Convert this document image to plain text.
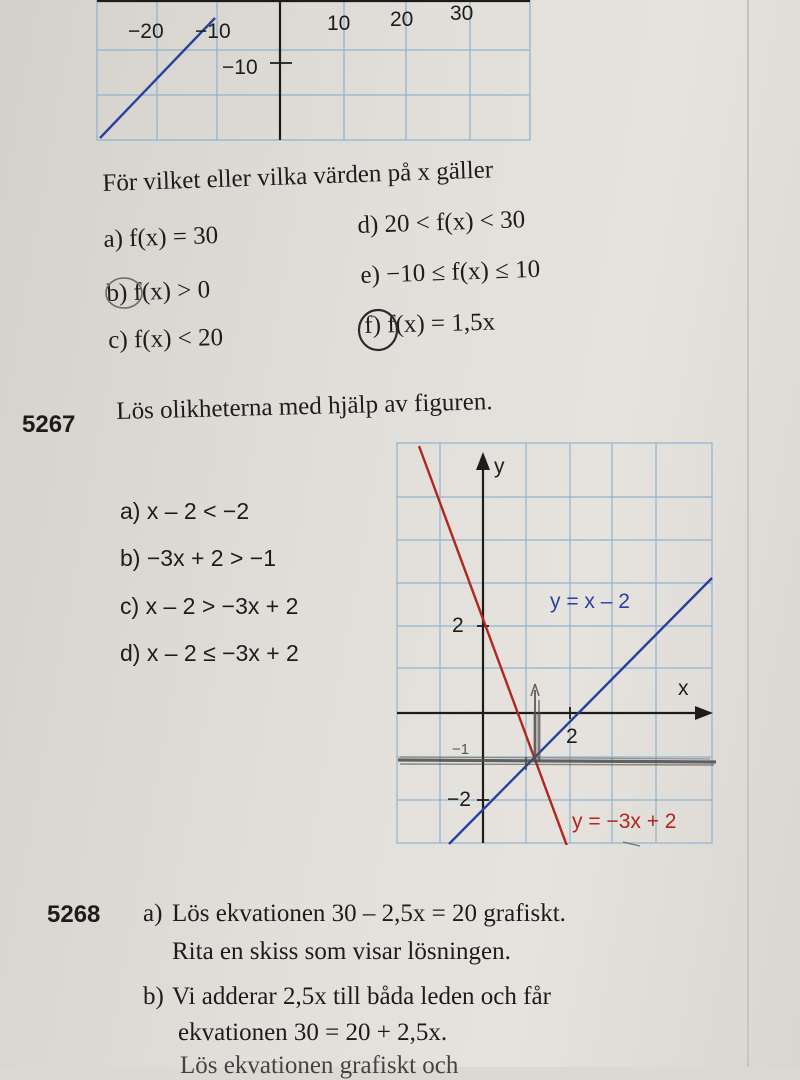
−20 −10	10 20 30
−10
För vilket eller vilka värden på x gäller
a) f(x) = 30
b) f(x) > 0
c) f(x) < 20
d) 20 < f(x) < 30
e) −10 ≤ f(x) ≤ 10
f) f(x) = 1,5x
5267 Lös olikheterna med hjälp av figuren.
a) x – 2 < −2
b) −3x + 2 > −1
c) x – 2 > −3x + 2
d) x – 2 ≤ −3x + 2
y
x
2
−2
2
−1
y = x – 2
y = −3x + 2
5268 a) Lös ekvationen 30 – 2,5x = 20 grafiskt.
Rita en skiss som visar lösningen.
b) Vi adderar 2,5x till båda leden och får
ekvationen 30 = 20 + 2,5x.
Lös ekvationen grafiskt och
